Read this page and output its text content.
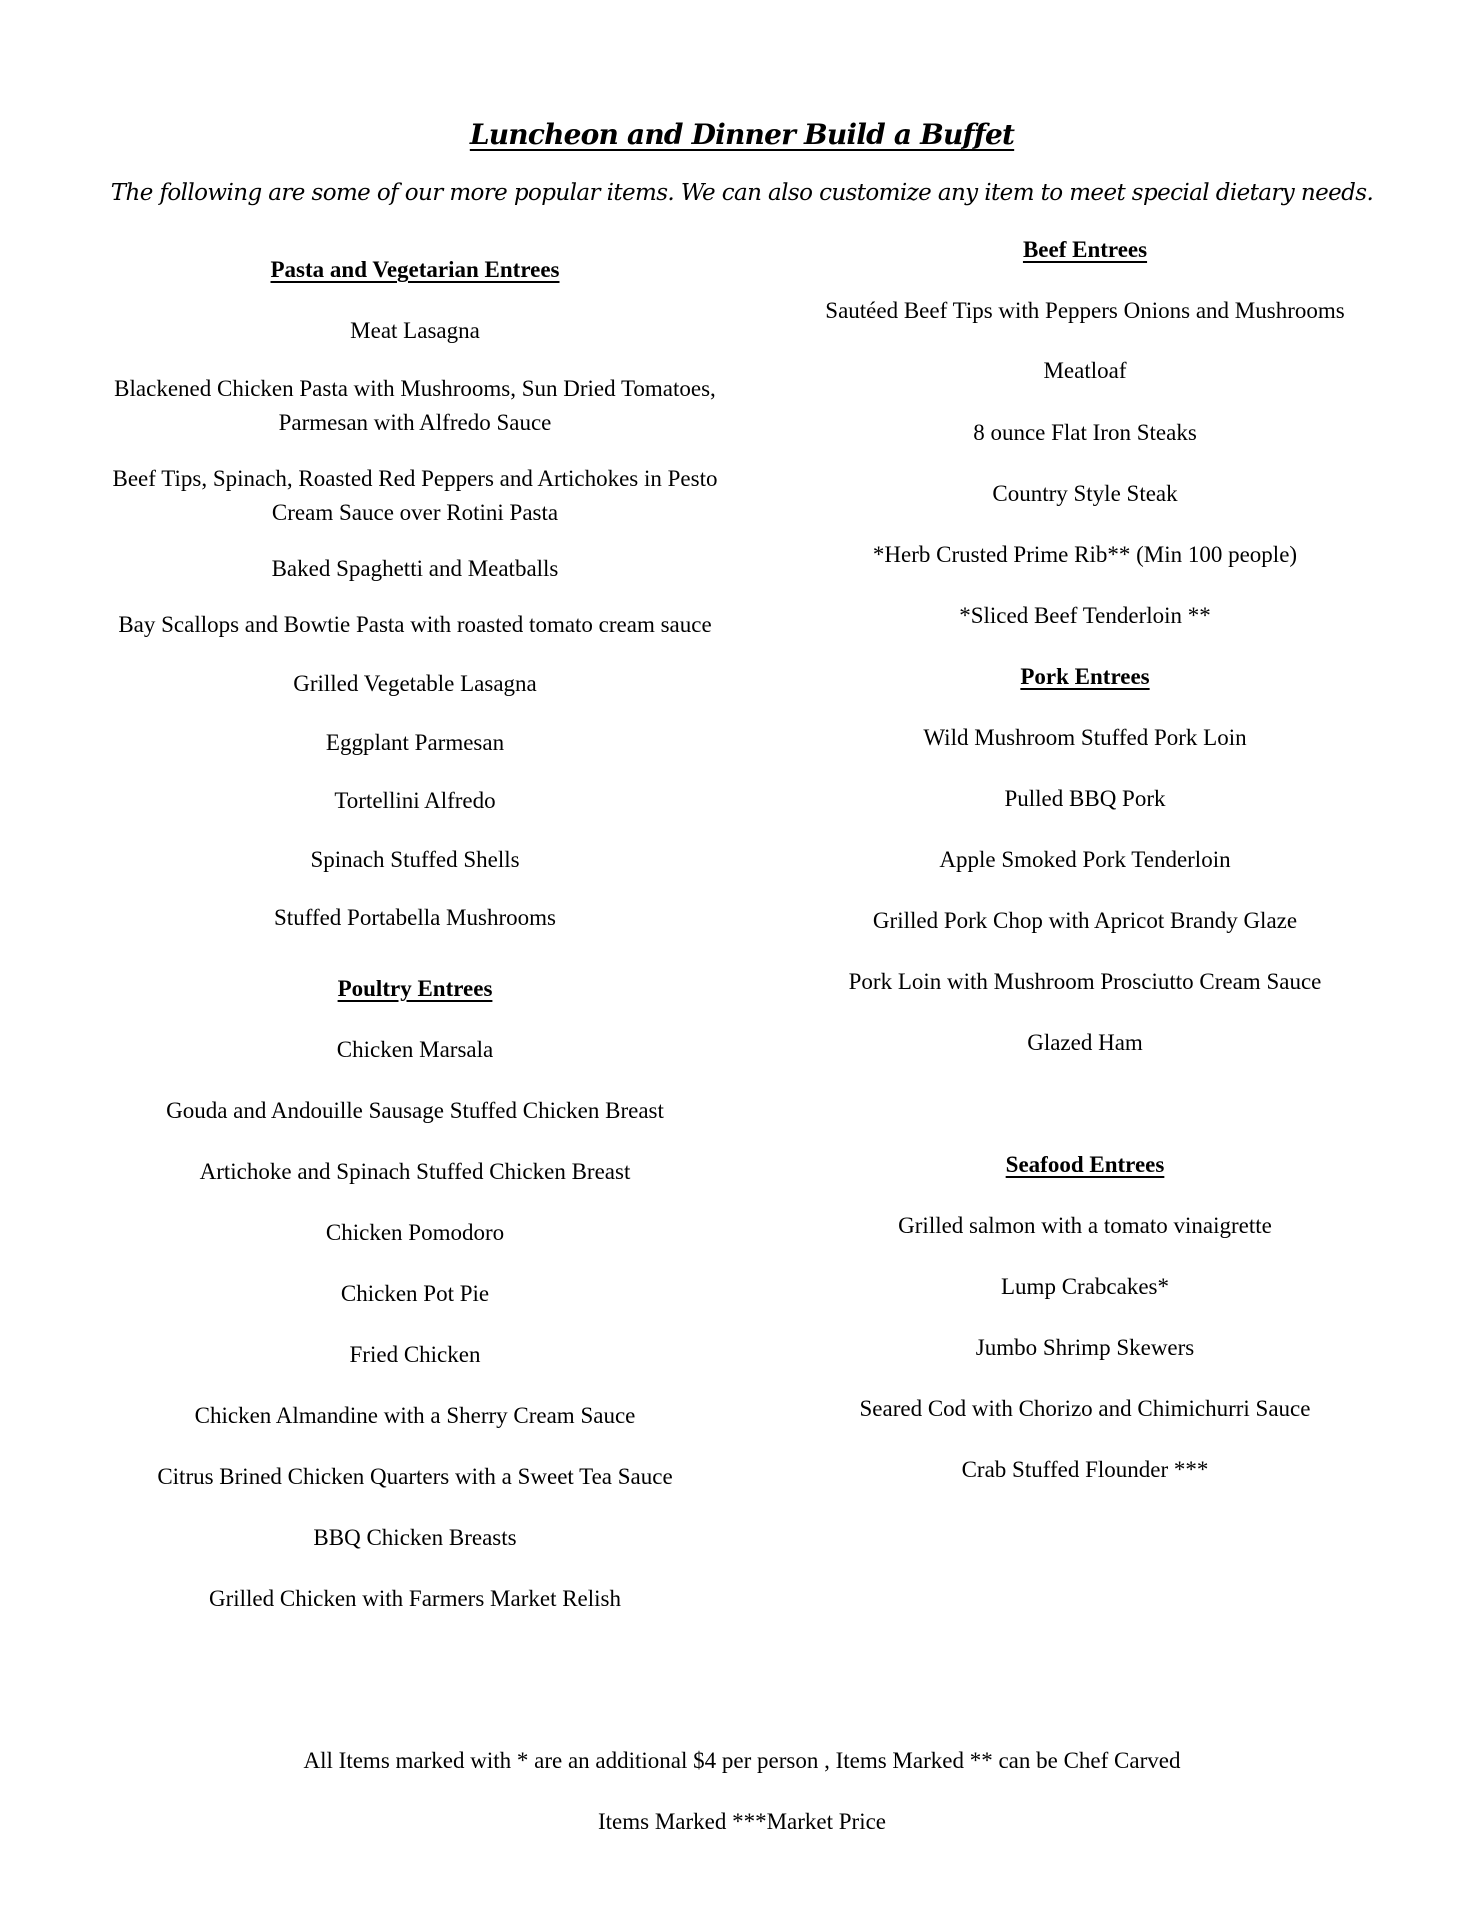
Luncheon and Dinner Build a Buffet

The following are some of our more popular items. We can also customize any item to meet special dietary needs.

Pasta and Vegetarian Entrees
Meat Lasagna
Blackened Chicken Pasta with Mushrooms, Sun Dried Tomatoes, Parmesan with Alfredo Sauce
Beef Tips, Spinach, Roasted Red Peppers and Artichokes in Pesto Cream Sauce over Rotini Pasta
Baked Spaghetti and Meatballs
Bay Scallops and Bowtie Pasta with roasted tomato cream sauce
Grilled Vegetable Lasagna
Eggplant Parmesan
Tortellini Alfredo
Spinach Stuffed Shells
Stuffed Portabella Mushrooms
Poultry Entrees
Chicken Marsala
Gouda and Andouille Sausage Stuffed Chicken Breast
Artichoke and Spinach Stuffed Chicken Breast
Chicken Pomodoro
Chicken Pot Pie
Fried Chicken
Chicken Almandine with a Sherry Cream Sauce
Citrus Brined Chicken Quarters with a Sweet Tea Sauce
BBQ Chicken Breasts
Grilled Chicken with Farmers Market Relish
Beef Entrees
Sautéed Beef Tips with Peppers Onions and Mushrooms
Meatloaf
8 ounce Flat Iron Steaks
Country Style Steak
*Herb Crusted Prime Rib** (Min 100 people)
*Sliced Beef Tenderloin **
Pork Entrees
Wild Mushroom Stuffed Pork Loin
Pulled BBQ Pork
Apple Smoked Pork Tenderloin
Grilled Pork Chop with Apricot Brandy Glaze
Pork Loin with Mushroom Prosciutto Cream Sauce
Glazed Ham
Seafood Entrees
Grilled salmon with a tomato vinaigrette
Lump Crabcakes*
Jumbo Shrimp Skewers
Seared Cod with Chorizo and Chimichurri Sauce
Crab Stuffed Flounder ***
All Items marked with * are an additional $4 per person , Items Marked ** can be Chef Carved
Items Marked ***Market Price
